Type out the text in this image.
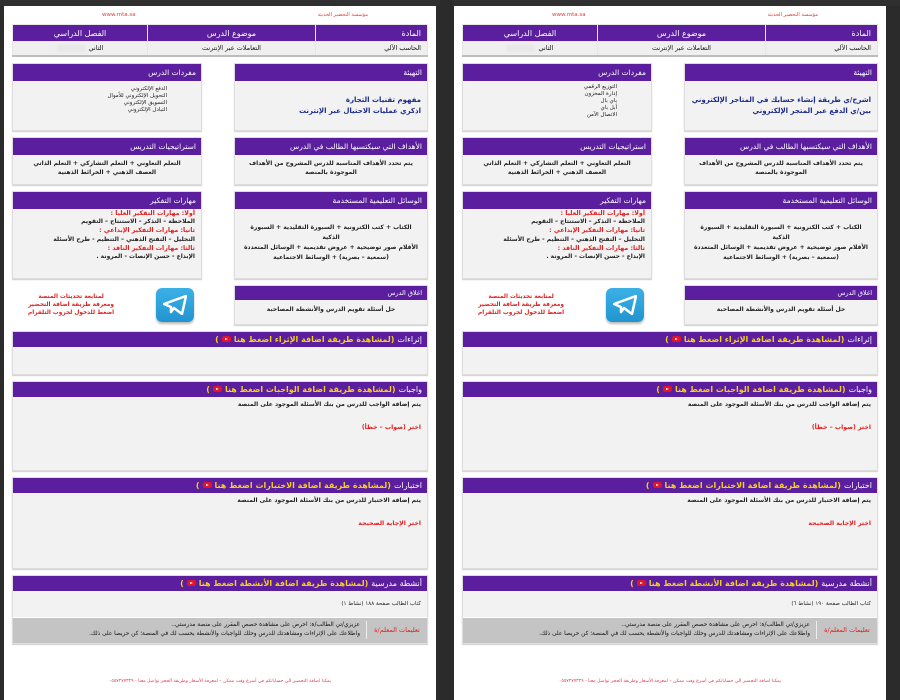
مؤسسة التحضير الحديثة
www.mta.sa
المادة	موضوع الدرس	الفصل الدراسي
الحاسب الآلي	التعاملات عبر الإنترنت	الثاني
التهيئة
مفهوم تقنيات التجارة
اذكري عمليات الاحتيال عبر الإنترنت
مفردات الدرس
الدفع الإلكتروني
التحويل الإلكتروني للأموال
التسويق الإلكتروني
التبادل الإلكتروني
الأهداف التي سيكتسبها الطالب في الدرس
يتم تحدد الأهداف المناسبة للدرس المشروح من الأهداف الموجودة بالمنصة
استراتيجيات التدريس
التعلم التعاوني + التعلم التشاركي + التعلم الذاتي
العصف الذهني + الخرائط الذهنية
الوسائل التعليمية المستخدمة
الكتاب + كتب الكترونية + السبورة التقليدية + السبورة الذكية
الأقلام صور توضيحية + عروض تقديمية + الوسائل المتعددة
(سمعية – بصرية) + الوسائط الاجتماعية
مهارات التفكير
أولا: مهارات التفكير العليا :
الملاحظة – التذكر – الاستنتاج – التقويم
ثانيا: مهارات التفكير الإبداعي :
التحليل – التفتح الذهني – التنظيم - طرح الأسئلة
ثالثا: مهارات التفكير الناقد :
الإبداع - حسن الإنصات - المرونة .
اغلاق الدرس
حل أسئلة تقويم الدرس والأنشطة المصاحبة
لمتابعة تحديثات المنصة
ومعرفة طريقة اضافة التحضير
اضغط للدخول لجروب التلقرام
إثراءات
(لمشاهدة طريقة اضافة الإثراء اضغط هنا)
واجبات
(لمشاهدة طريقة اضافة الواجبات اضغط هنا)
يتم إضافة الواجب للدرس من بنك الأسئلة الموجود على المنصة
اختر (صواب – خطأ)
اختبارات
(لمشاهدة طريقة اضافة الاختبارات اضغط هنا)
يتم إضافة الاختبار للدرس من بنك الأسئلة الموجود على المنصة
اختر الإجابة الصحيحة
أنشطة مدرسية
(لمشاهدة طريقة اضافة الأنشطة اضغط هنا)
كتاب الطالب صفحة ١٨٨ (نشاط ١)
تعليمات المعلم/ة
عزيزي/تي الطالب/ة: احرص على مشاهدة حصص المقرر على منصة مدرستي..
واطلاعك على الإثراءات ومشاهدتك للدرس وحلك للواجبات والأنشطة يحسب لك في المنصة؛ كن حريصا على ذلك.
يمكنا اضافة التحضير الى حساباتكم في أسرع وقت ممكن – لمعرفة الأسعار وطريقة الحجز تواصل معنا - ٠٥٥٧٢٧٧٣٢٩
مؤسسة التحضير الحديثة
www.mta.sa
المادة	موضوع الدرس	الفصل الدراسي
الحاسب الآلي	التعاملات عبر الإنترنت	الثاني
التهيئة
اشرح/ي طريقة إنشاء حسابك في المتاجر الإلكتروني
بين/ي الدفع عبر المتجر الإلكتروني
مفردات الدرس
التوزيع الرقمي
إدارة المخزون
باي بال
أبل باي
الاتصال الآمن
الأهداف التي سيكتسبها الطالب في الدرس
يتم تحدد الأهداف المناسبة للدرس المشروح من الأهداف الموجودة بالمنصة
استراتيجيات التدريس
التعلم التعاوني + التعلم التشاركي + التعلم الذاتي
العصف الذهني + الخرائط الذهنية
الوسائل التعليمية المستخدمة
الكتاب + كتب الكترونية + السبورة التقليدية + السبورة الذكية
الأقلام صور توضيحية + عروض تقديمية + الوسائل المتعددة
(سمعية – بصرية) + الوسائط الاجتماعية
مهارات التفكير
أولا: مهارات التفكير العليا :
الملاحظة – التذكر – الاستنتاج – التقويم
ثانيا: مهارات التفكير الإبداعي :
التحليل – التفتح الذهني – التنظيم - طرح الأسئلة
ثالثا: مهارات التفكير الناقد :
الإبداع - حسن الإنصات - المرونة .
اغلاق الدرس
حل أسئلة تقويم الدرس والأنشطة المصاحبة
لمتابعة تحديثات المنصة
ومعرفة طريقة اضافة التحضير
اضغط للدخول لجروب التلقرام
إثراءات
(لمشاهدة طريقة اضافة الإثراء اضغط هنا)
واجبات
(لمشاهدة طريقة اضافة الواجبات اضغط هنا)
يتم إضافة الواجب للدرس من بنك الأسئلة الموجود على المنصة
اختر (صواب – خطأ)
اختبارات
(لمشاهدة طريقة اضافة الاختبارات اضغط هنا)
يتم إضافة الاختبار للدرس من بنك الأسئلة الموجود على المنصة
اختر الإجابة الصحيحة
أنشطة مدرسية
(لمشاهدة طريقة اضافة الأنشطة اضغط هنا)
كتاب الطالب صفحة ١٩٠ (نشاط ٦)
تعليمات المعلم/ة
عزيزي/تي الطالب/ة: احرص على مشاهدة حصص المقرر على منصة مدرستي..
واطلاعك على الإثراءات ومشاهدتك للدرس وحلك للواجبات والأنشطة يحسب لك في المنصة؛ كن حريصا على ذلك.
يمكنا اضافة التحضير الى حساباتكم في أسرع وقت ممكن – لمعرفة الأسعار وطريقة الحجز تواصل معنا - ٠٥٥٧٢٧٧٣٢٩
